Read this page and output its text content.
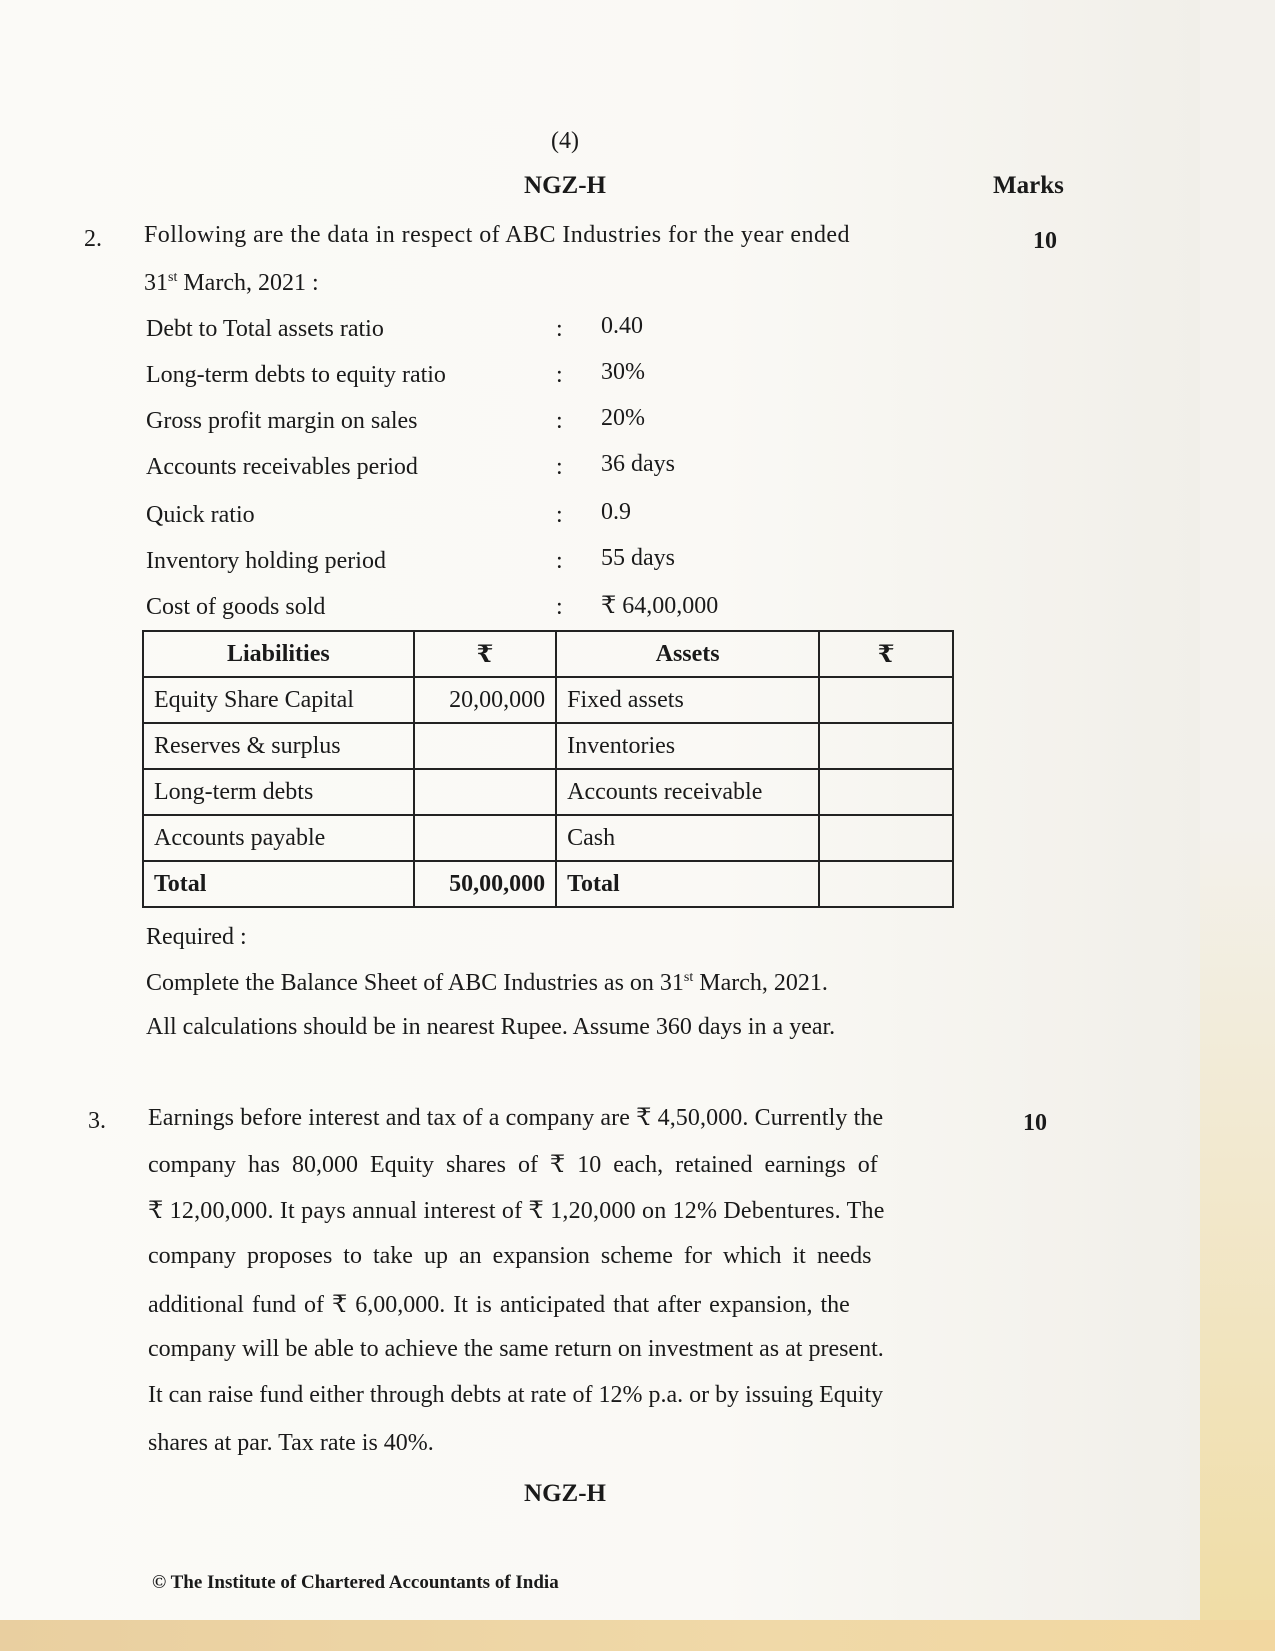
(4)
NGZ-H	Marks
2.	10
Following are the data in respect of ABC Industries for the year ended
31st March, 2021 :
Debt to Total assets ratio	: 0.40
Long-term debts to equity ratio	: 30%
Gross profit margin on sales	: 20%
Accounts receivables period	: 36 days
Quick ratio	: 0.9
Inventory holding period	: 55 days
Cost of goods sold	: ₹ 64,00,000
Liabilities	₹	Assets	₹
Equity Share Capital	20,00,000	Fixed assets	
Reserves & surplus		Inventories	
Long-term debts		Accounts receivable	
Accounts payable		Cash	
Total	50,00,000	Total	
Required :
Complete the Balance Sheet of ABC Industries as on 31st March, 2021.
All calculations should be in nearest Rupee. Assume 360 days in a year.
3.	10
Earnings before interest and tax of a company are ₹ 4,50,000. Currently the
company has 80,000 Equity shares of ₹ 10 each, retained earnings of
₹ 12,00,000. It pays annual interest of ₹ 1,20,000 on 12% Debentures. The
company proposes to take up an expansion scheme for which it needs
additional fund of ₹ 6,00,000. It is anticipated that after expansion, the
company will be able to achieve the same return on investment as at present.
It can raise fund either through debts at rate of 12% p.a. or by issuing Equity
shares at par. Tax rate is 40%.
NGZ-H
© The Institute of Chartered Accountants of India
